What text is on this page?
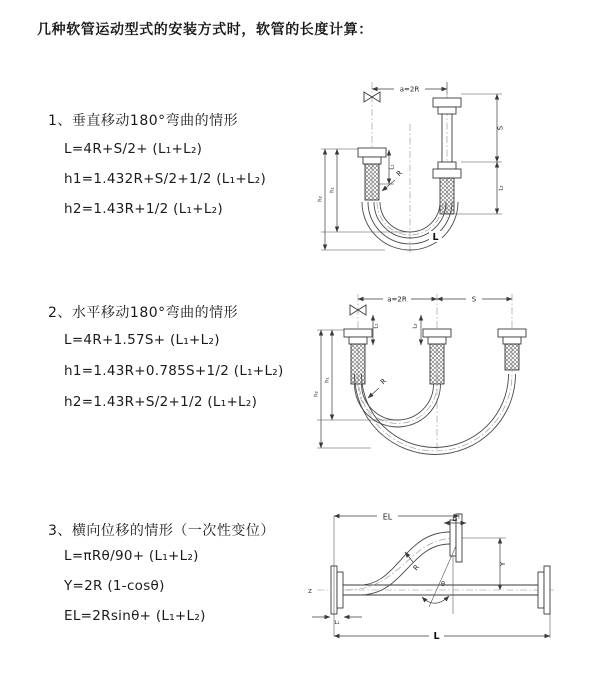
几种软管运动型式的安装方式时，软管的长度计算：
1、垂直移动180°弯曲的情形
L=4R+S/2+ (L₁+L₂)
h1=1.432R+S/2+1/2 (L₁+L₂)
h2=1.43R+1/2 (L₁+L₂)
2、水平移动180°弯曲的情形
L=4R+1.57S+ (L₁+L₂)
h1=1.43R+0.785S+1/2 (L₁+L₂)
h2=1.43R+S/2+1/2 (L₁+L₂)
3、横向位移的情形（一次性变位）
L=πRθ/90+ (L₁+L₂)
Y=2R (1-cosθ)
EL=2Rsinθ+ (L₁+L₂)
a=2R
h₂
h₁
L₁
S
L₂
R
L
a=2R	S
h₂
h₁
L₁	L₂
R
Z
EL	L₂
Y
θ
R
L₁
L
